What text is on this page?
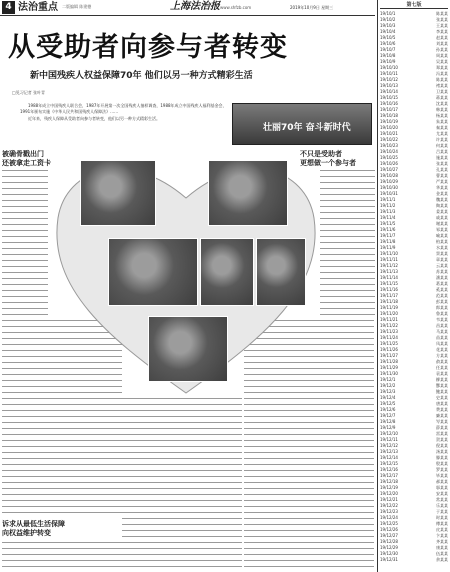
4 法治重点 二版编辑 陈建德	上海法治报 www.shfzb.com	2019年10月9日 星期三
从受助者向参与者转变
新中国残疾人权益保障70年 他们以另一种方式精彩生活
□见习记者 张叶青

1988年成立中国残疾人联合会，1987年开展第一次全国残疾人抽样调查，1988年成立中国残疾人福利基金会，1991年颁布实施《中华人民共和国残疾人保障法》……

近年来，残疾人保障从受助者向参与者转变，他们以另一种方式精彩生活。

壮丽70年 奋斗新时代
被确骨戳出门
还被拿走工资卡
不只是受助者
更想做一个参与者
诉求从最低生活保障
向权益维护转变
第七版
19/10/1	陈某某
19/10/2	张某某
19/10/3	王某某
19/10/4	李某某
19/10/5	赵某某
19/10/6	刘某某
19/10/7	孙某某
19/10/8	周某某
19/10/9	吴某某
19/10/10	郑某某
19/10/11	冯某某
19/10/12	陈某某
19/10/13	褚某某
19/10/14	卫某某
19/10/15	蒋某某
19/10/16	沈某某
19/10/17	韩某某
19/10/18	杨某某
19/10/19	朱某某
19/10/20	秦某某
19/10/21	尤某某
19/10/22	许某某
19/10/23	何某某
19/10/24	吕某某
19/10/25	施某某
19/10/26	张某某
19/10/27	孔某某
19/10/28	曹某某
19/10/29	严某某
19/10/30	华某某
19/10/31	金某某
19/11/1	魏某某
19/11/2	陶某某
19/11/3	姜某某
19/11/4	戚某某
19/11/5	谢某某
19/11/6	邹某某
19/11/7	喻某某
19/11/8	柏某某
19/11/9	水某某
19/11/10	窦某某
19/11/11	章某某
19/11/12	云某某
19/11/13	苏某某
19/11/14	潘某某
19/11/15	葛某某
19/11/16	奚某某
19/11/17	范某某
19/11/18	彭某某
19/11/19	郎某某
19/11/20	鲁某某
19/11/21	韦某某
19/11/22	昌某某
19/11/23	马某某
19/11/24	苗某某
19/11/25	凤某某
19/11/26	花某某
19/11/27	方某某
19/11/28	俞某某
19/11/29	任某某
19/11/30	袁某某
19/12/1	柳某某
19/12/2	酆某某
19/12/3	鲍某某
19/12/4	史某某
19/12/5	唐某某
19/12/6	费某某
19/12/7	廉某某
19/12/8	岑某某
19/12/9	薛某某
19/12/10	雷某某
19/12/11	贺某某
19/12/12	倪某某
19/12/13	汤某某
19/12/14	滕某某
19/12/15	殷某某
19/12/16	罗某某
19/12/17	毕某某
19/12/18	郝某某
19/12/19	邬某某
19/12/20	安某某
19/12/21	常某某
19/12/22	乐某某
19/12/23	于某某
19/12/24	时某某
19/12/25	傅某某
19/12/26	皮某某
19/12/27	卞某某
19/12/28	齐某某
19/12/29	康某某
19/12/30	伍某某
19/12/31	余某某
